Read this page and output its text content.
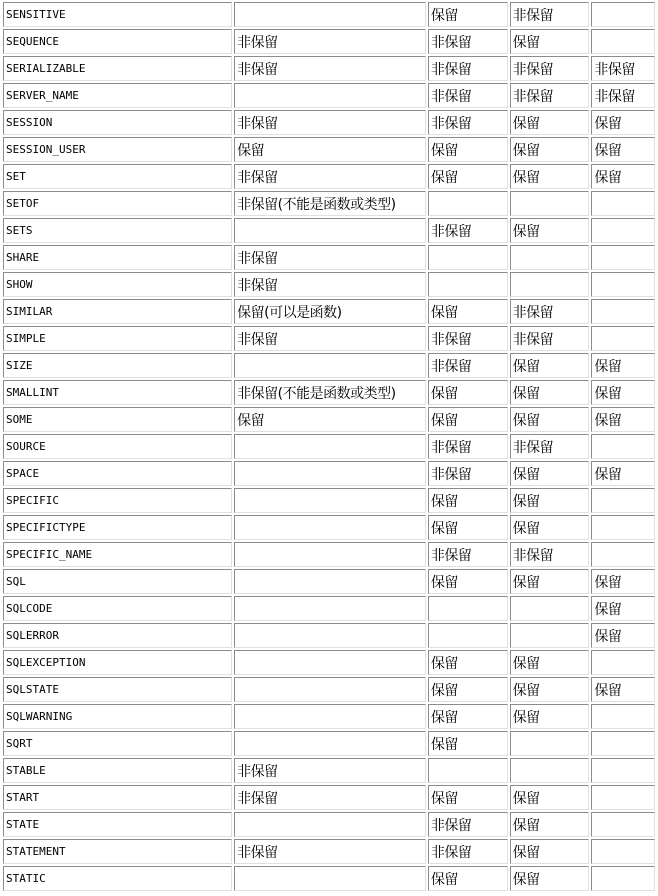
SENSITIVE		保留	非保留	
SEQUENCE	非保留	非保留	保留	
SERIALIZABLE	非保留	非保留	非保留	非保留
SERVER_NAME		非保留	非保留	非保留
SESSION	非保留	非保留	保留	保留
SESSION_USER	保留	保留	保留	保留
SET	非保留	保留	保留	保留
SETOF	非保留(不能是函数或类型)			
SETS		非保留	保留	
SHARE	非保留			
SHOW	非保留			
SIMILAR	保留(可以是函数)	保留	非保留	
SIMPLE	非保留	非保留	非保留	
SIZE		非保留	保留	保留
SMALLINT	非保留(不能是函数或类型)	保留	保留	保留
SOME	保留	保留	保留	保留
SOURCE		非保留	非保留	
SPACE		非保留	保留	保留
SPECIFIC		保留	保留	
SPECIFICTYPE		保留	保留	
SPECIFIC_NAME		非保留	非保留	
SQL		保留	保留	保留
SQLCODE				保留
SQLERROR				保留
SQLEXCEPTION		保留	保留	
SQLSTATE		保留	保留	保留
SQLWARNING		保留	保留	
SQRT		保留		
STABLE	非保留			
START	非保留	保留	保留	
STATE		非保留	保留	
STATEMENT	非保留	非保留	保留	
STATIC		保留	保留	
